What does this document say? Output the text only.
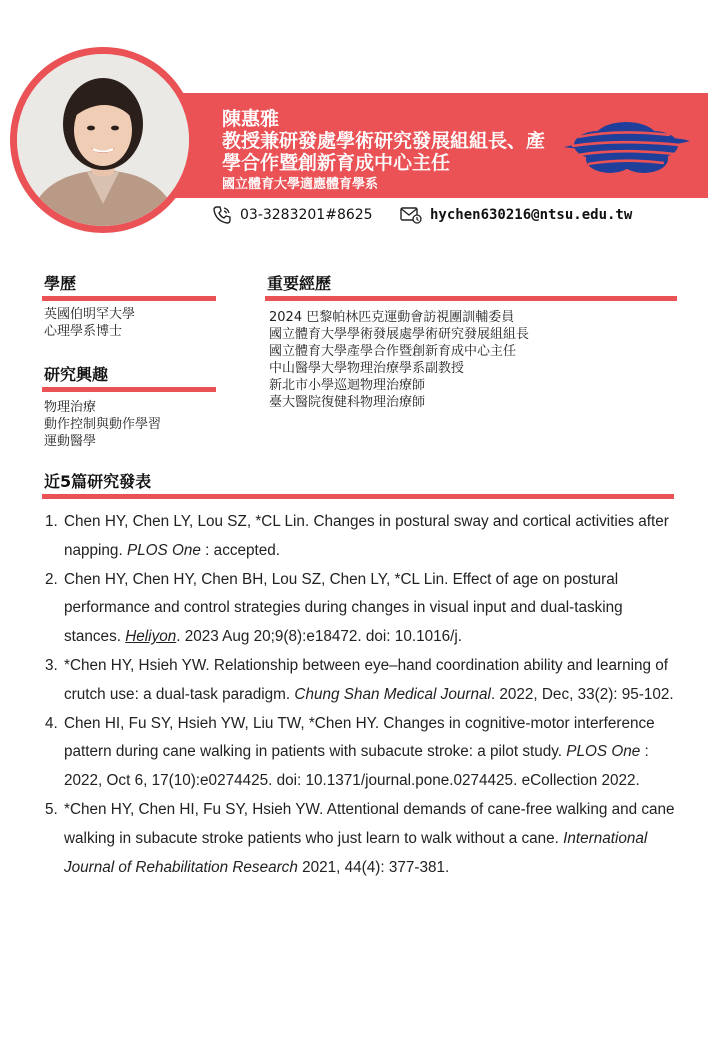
陳惠雅
教授兼研發處學術研究發展組組長、產學合作暨創新育成中心主任
國立體育大學適應體育學系
03-3283201#8625	hychen630216@ntsu.edu.tw
學歷
英國伯明罕大學
心理學系博士
研究興趣
物理治療
動作控制與動作學習
運動醫學
重要經歷
2024 巴黎帕林匹克運動會訪視團訓輔委員
國立體育大學學術發展處學術研究發展組組長
國立體育大學產學合作暨創新育成中心主任
中山醫學大學物理治療學系副教授
新北市小學巡迴物理治療師
臺大醫院復健科物理治療師
近5篇研究發表
1. Chen HY, Chen LY, Lou SZ, *CL Lin. Changes in postural sway and cortical activities after napping. PLOS One : accepted.
2. Chen HY, Chen HY, Chen BH, Lou SZ, Chen LY, *CL Lin. Effect of age on postural performance and control strategies during changes in visual input and dual-tasking stances. Heliyon. 2023 Aug 20;9(8):e18472. doi: 10.1016/j.
3. *Chen HY, Hsieh YW. Relationship between eye–hand coordination ability and learning of crutch use: a dual-task paradigm. Chung Shan Medical Journal. 2022, Dec, 33(2): 95-102.
4. Chen HI, Fu SY, Hsieh YW, Liu TW, *Chen HY. Changes in cognitive-motor interference pattern during cane walking in patients with subacute stroke: a pilot study. PLOS One : 2022, Oct 6, 17(10):e0274425. doi: 10.1371/journal.pone.0274425. eCollection 2022.
5. *Chen HY, Chen HI, Fu SY, Hsieh YW. Attentional demands of cane-free walking and cane walking in subacute stroke patients who just learn to walk without a cane. International Journal of Rehabilitation Research 2021, 44(4): 377-381.
